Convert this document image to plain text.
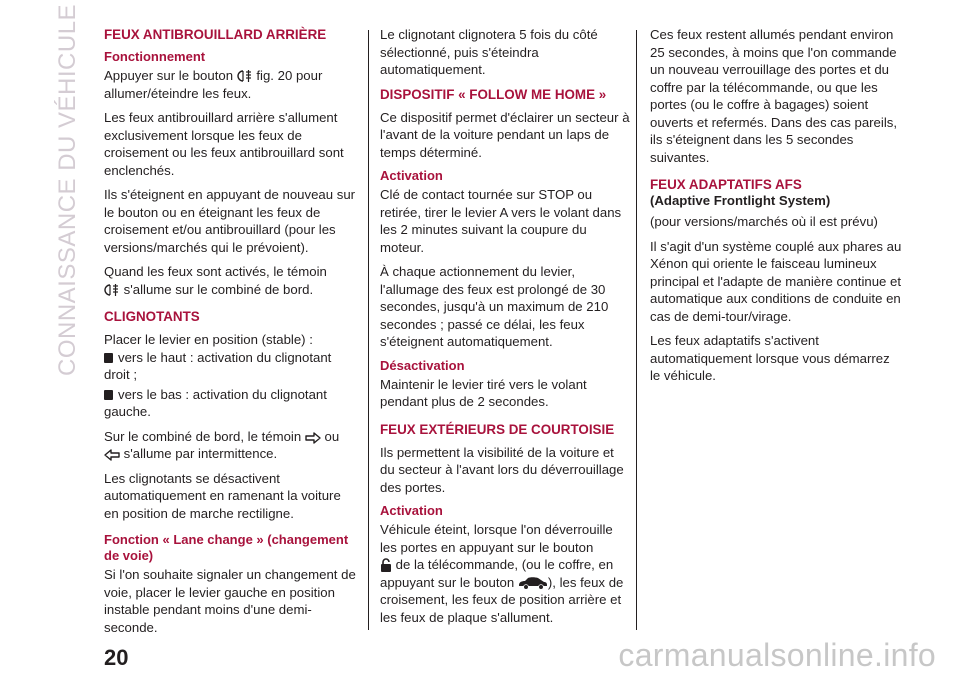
CONNAISSANCE DU VÉHICULE	FEUX ANTIBROUILLARD ARRIÈRE
Fonctionnement

Appuyer sur le bouton fig. 20 pour allumer/éteindre les feux.

Les feux antibrouillard arrière s'allument exclusivement lorsque les feux de croisement ou les feux antibrouillard sont enclenchés.

Ils s'éteignent en appuyant de nouveau sur le bouton ou en éteignant les feux de croisement et/ou antibrouillard (pour les versions/marchés qui le prévoient).

Quand les feux sont activés, le témoin

s'allume sur le combiné de bord.

CLIGNOTANTS

Placer le levier en position (stable) :

vers le haut : activation du clignotant droit ;

vers le bas : activation du clignotant gauche.

Sur le combiné de bord, le témoin ou

s'allume par intermittence.

Les clignotants se désactivent automatiquement en ramenant la voiture en position de marche rectiligne.

Fonction « Lane change » (changement de voie)

Si l'on souhaite signaler un changement de voie, placer le levier gauche en position instable pendant moins d'une demi-seconde.

Le clignotant clignotera 5 fois du côté sélectionné, puis s'éteindra automatiquement.

DISPOSITIF « FOLLOW ME HOME »

Ce dispositif permet d'éclairer un secteur à l'avant de la voiture pendant un laps de temps déterminé.

Activation

Clé de contact tournée sur STOP ou retirée, tirer le levier A vers le volant dans les 2 minutes suivant la coupure du moteur.

À chaque actionnement du levier, l'allumage des feux est prolongé de 30 secondes, jusqu'à un maximum de 210 secondes ; passé ce délai, les feux s'éteignent automatiquement.

Désactivation

Maintenir le levier tiré vers le volant pendant plus de 2 secondes.

FEUX EXTÉRIEURS DE COURTOISIE

Ils permettent la visibilité de la voiture et du secteur à l'avant lors du déverrouillage des portes.

Activation

Véhicule éteint, lorsque l'on déverrouille les portes en appuyant sur le bouton

de la télécommande, (ou le coffre, en appuyant sur le bouton	), les feux de croisement, les feux de position arrière et les feux de plaque s'allument.

Ces feux restent allumés pendant environ 25 secondes, à moins que l'on commande un nouveau verrouillage des portes et du coffre par la télécommande, ou que les portes (ou le coffre à bagages) soient ouverts et refermés. Dans des cas pareils, ils s'éteignent dans les 5 secondes suivantes.

FEUX ADAPTATIFS AFS
(Adaptive Frontlight System)

(pour versions/marchés où il est prévu)

Il s'agit d'un système couplé aux phares au Xénon qui oriente le faisceau lumineux principal et l'adapte de manière continue et automatique aux conditions de conduite en cas de demi-tour/virage.

Les feux adaptatifs s'activent automatiquement lorsque vous démarrez le véhicule.

20	carmanualsonline.info
